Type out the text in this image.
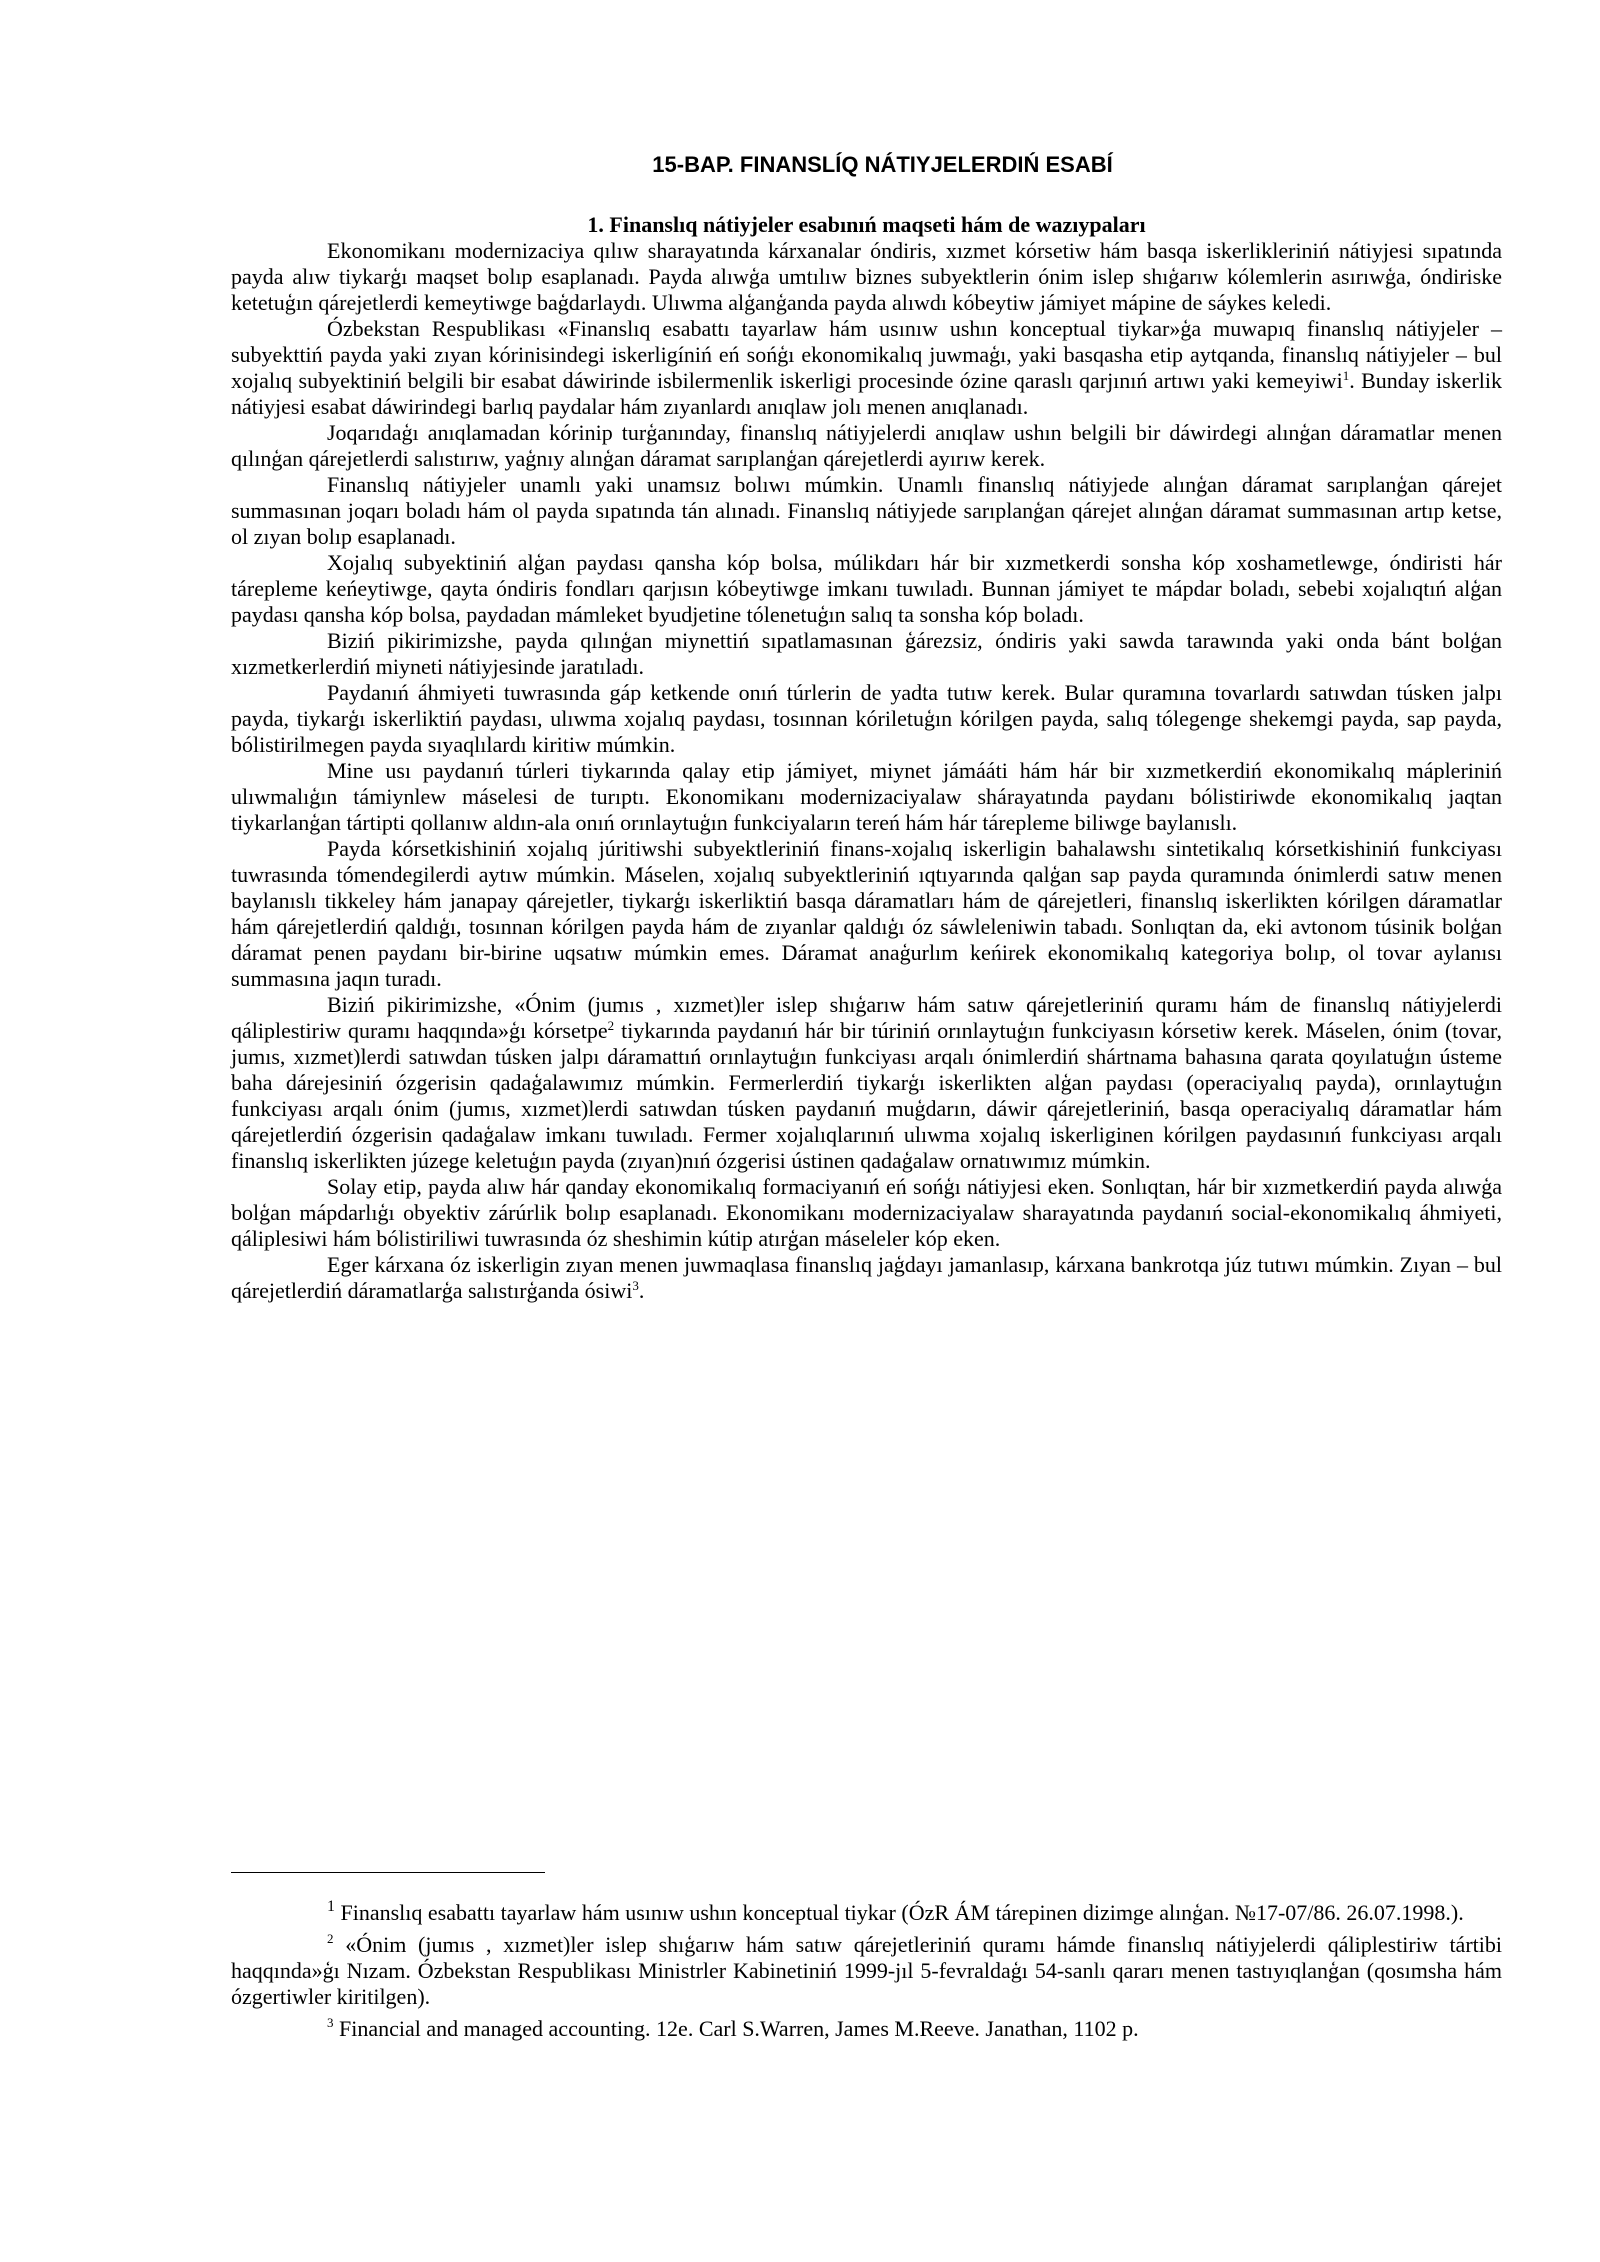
15-BAP. FINANSLÍQ NÁTIYJELERDIŃ ESABÍ
1. Finanslıq nátiyjeler esabınıń maqseti hám de wazıypaları

Ekonomikanı modernizaciya qılıw sharayatında kárxanalar óndiris, xızmet kórsetiw hám basqa iskerlikleriniń nátiyjesi sıpatında payda alıw tiykarģı maqset bolıp esaplanadı. Payda alıwģa umtılıw biznes subyektlerin ónim islep shıģarıw kólemlerin asırıwģa, óndiriske ketetuģın qárejetlerdi kemeytiwge baģdarlaydı. Ulıwma alģanģanda payda alıwdı kóbeytiw jámiyet mápine de sáykes keledi.

Ózbekstan Respublikası «Finanslıq esabattı tayarlaw hám usınıw ushın konceptual tiykar»ģa muwapıq finanslıq nátiyjeler – subyekttiń payda yaki zıyan kórinisindegi iskerligíniń eń sońģı ekonomikalıq juwmaģı, yaki basqasha etip aytqanda, finanslıq nátiyjeler – bul xojalıq subyektiniń belgili bir esabat dáwirinde isbilermenlik iskerligi procesinde ózine qaraslı qarjınıń artıwı yaki kemeyiwi$^1$. Bunday iskerlik nátiyjesi esabat dáwirindegi barlıq paydalar hám zıyanlardı anıqlaw jolı menen anıqlanadı.

Joqarıdaģı anıqlamadan kórinip turģanınday, finanslıq nátiyjelerdi anıqlaw ushın belgili bir dáwirdegi alınģan dáramatlar menen qılınģan qárejetlerdi salıstırıw, yaģnıy alınģan dáramat sarıplanģan qárejetlerdi ayırıw kerek.

Finanslıq nátiyjeler unamlı yaki unamsız bolıwı múmkin. Unamlı finanslıq nátiyjede alınģan dáramat sarıplanģan qárejet summasınan joqarı boladı hám ol payda sıpatında tán alınadı. Finanslıq nátiyjede sarıplanģan qárejet alınģan dáramat summasınan artıp ketse, ol zıyan bolıp esaplanadı.

Xojalıq subyektiniń alģan paydası qansha kóp bolsa, múlikdarı hár bir xızmetkerdi sonsha kóp xoshametlewge, óndiristi hár tárepleme keńeytiwge, qayta óndiris fondları qarjısın kóbeytiwge imkanı tuwıladı. Bunnan jámiyet te mápdar boladı, sebebi xojalıqtıń alģan paydası qansha kóp bolsa, paydadan mámleket byudjetine tólenetuģın salıq ta sonsha kóp boladı.

Biziń pikirimizshe, payda qılınģan miynettiń sıpatlamasınan ģárezsiz, óndiris yaki sawda tarawında yaki onda bánt bolģan xızmetkerlerdiń miyneti nátiyjesinde jaratıladı.

Paydanıń áhmiyeti tuwrasında gáp ketkende onıń túrlerin de yadta tutıw kerek. Bular quramına tovarlardı satıwdan túsken jalpı payda, tiykarģı iskerliktiń paydası, ulıwma xojalıq paydası, tosınnan kóriletuģın kórilgen payda, salıq tólegenge shekemgi payda, sap payda, bólistirilmegen payda sıyaqlılardı kiritiw múmkin.

Mine usı paydanıń túrleri tiykarında qalay etip jámiyet, miynet jámááti hám hár bir xızmetkerdiń ekonomikalıq mápleriniń ulıwmalıģın támiynlew máselesi de turıptı. Ekonomikanı modernizaciyalaw shárayatında paydanı bólistiriwde ekonomikalıq jaqtan tiykarlanģan tártipti qollanıw aldın-ala onıń orınlaytuģın funkciyaların tereń hám hár tárepleme biliwge baylanıslı.

Payda kórsetkishiniń xojalıq júritiwshi subyektleriniń finans-xojalıq iskerligin bahalawshı sintetikalıq kórsetkishiniń funkciyası tuwrasında tómendegilerdi aytıw múmkin. Máselen, xojalıq subyektleriniń ıqtıyarında qalģan sap payda quramında ónimlerdi satıw menen baylanıslı tikkeley hám janapay qárejetler, tiykarģı iskerliktiń basqa dáramatları hám de qárejetleri, finanslıq iskerlikten kórilgen dáramatlar hám qárejetlerdiń qaldıģı, tosınnan kórilgen payda hám de zıyanlar qaldıģı óz sáwleleniwin tabadı. Sonlıqtan da, eki avtonom túsinik bolģan dáramat penen paydanı bir-birine uqsatıw múmkin emes. Dáramat anaģurlım keńirek ekonomikalıq kategoriya bolıp, ol tovar aylanısı summasına jaqın turadı.

Biziń pikirimizshe, «Ónim (jumıs , xızmet)ler islep shıģarıw hám satıw qárejetleriniń quramı hám de finanslıq nátiyjelerdi qáliplestiriw quramı haqqında»ģı kórsetpe$^2$ tiykarında paydanıń hár bir túriniń orınlaytuģın funkciyasın kórsetiw kerek. Máselen, ónim (tovar, jumıs, xızmet)lerdi satıwdan túsken jalpı dáramattıń orınlaytuģın funkciyası arqalı ónimlerdiń shártnama bahasına qarata qoyılatuģın ústeme baha dárejesiniń ózgerisin qadaģalawımız múmkin. Fermerlerdiń tiykarģı iskerlikten alģan paydası (operaciyalıq payda), orınlaytuģın funkciyası arqalı ónim (jumıs, xızmet)lerdi satıwdan túsken paydanıń muģdarın, dáwir qárejetleriniń, basqa operaciyalıq dáramatlar hám qárejetlerdiń ózgerisin qadaģalaw imkanı tuwıladı. Fermer xojalıqlarınıń ulıwma xojalıq iskerliginen kórilgen paydasınıń funkciyası arqalı finanslıq iskerlikten júzege keletuģın payda (zıyan)nıń ózgerisi ústinen qadaģalaw ornatıwımız múmkin.

Solay etip, payda alıw hár qanday ekonomikalıq formaciyanıń eń sońģı nátiyjesi eken. Sonlıqtan, hár bir xızmetkerdiń payda alıwģa bolģan mápdarlıģı obyektiv zárúrlik bolıp esaplanadı. Ekonomikanı modernizaciyalaw sharayatında paydanıń social-ekonomikalıq áhmiyeti, qáliplesiwi hám bólistiriliwi tuwrasında óz sheshimin kútip atırģan máseleler kóp eken.

Eger kárxana óz iskerligin zıyan menen juwmaqlasa finanslıq jaģdayı jamanlasıp, kárxana bankrotqa júz tutıwı múmkin. Zıyan – bul qárejetlerdiń dáramatlarģa salıstırģanda ósiwi$^3$.

$^1$ Finanslıq esabattı tayarlaw hám usınıw ushın konceptual tiykar (ÓzR ÁM tárepinen dizimge alınģan. №17-07/86. 26.07.1998.).

$^2$ «Ónim (jumıs , xızmet)ler islep shıģarıw hám satıw qárejetleriniń quramı hámde finanslıq nátiyjelerdi qáliplestiriw tártibi haqqında»ģı Nızam. Ózbekstan Respublikası Ministrler Kabinetiniń 1999-jıl 5-fevraldaģı 54-sanlı qararı menen tastıyıqlanģan (qosımsha hám ózgertiwler kiritilgen).

$^3$ Financial and managed accounting. 12e. Carl S.Warren, James M.Reeve. Janathan, 1102 p.
